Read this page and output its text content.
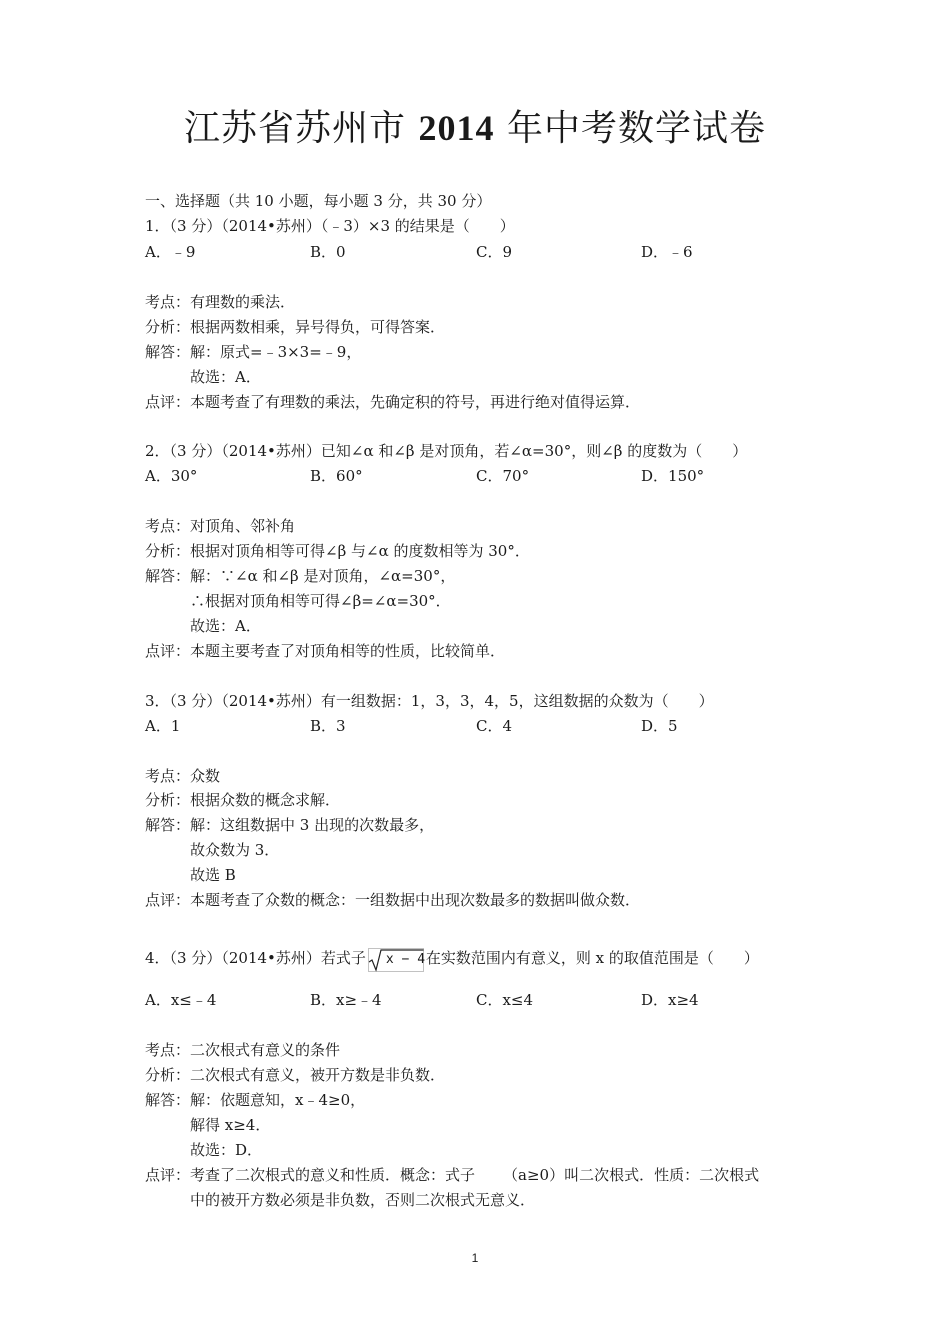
江苏省苏州市 2014 年中考数学试卷
一、选择题（共 10 小题，每小题 3 分，共 30 分）
1．（3 分）（2014•苏州）（﹣3）×3 的结果是（　　）
A．﹣9	B．0	C．9	D．﹣6
考点：有理数的乘法．
分析：根据两数相乘，异号得负，可得答案．
解答：解：原式=﹣3×3=﹣9，
故选：A．
点评：本题考查了有理数的乘法，先确定积的符号，再进行绝对值得运算．
2．（3 分）（2014•苏州）已知∠α 和∠β 是对顶角，若∠α=30°，则∠β 的度数为（　　）
A．30°	B．60°	C．70°	D．150°
考点：对顶角、邻补角
分析：根据对顶角相等可得∠β 与∠α 的度数相等为 30°．
解答：解：∵∠α 和∠β 是对顶角，∠α=30°，
∴根据对顶角相等可得∠β=∠α=30°．
故选：A．
点评：本题主要考查了对顶角相等的性质，比较简单．
3．（3 分）（2014•苏州）有一组数据：1，3，3，4，5，这组数据的众数为（　　）
A．1	B．3	C．4	D．5
考点：众数
分析：根据众数的概念求解．
解答：解：这组数据中 3 出现的次数最多，
故众数为 3．
故选 B
点评：本题考查了众数的概念：一组数据中出现次数最多的数据叫做众数．
4．（3 分）（2014•苏州）若式子 x − 4 在实数范围内有意义，则 x 的取值范围是（　　）
A．x≤﹣4	B．x≥﹣4	C．x≤4	D．x≥4
考点：二次根式有意义的条件
分析：二次根式有意义，被开方数是非负数．
解答：解：依题意知，x﹣4≥0，
解得 x≥4．
故选：D．
点评：考查了二次根式的意义和性质．概念：式子 （a≥0）叫二次根式．性质：二次根式
中的被开方数必须是非负数，否则二次根式无意义．
1
